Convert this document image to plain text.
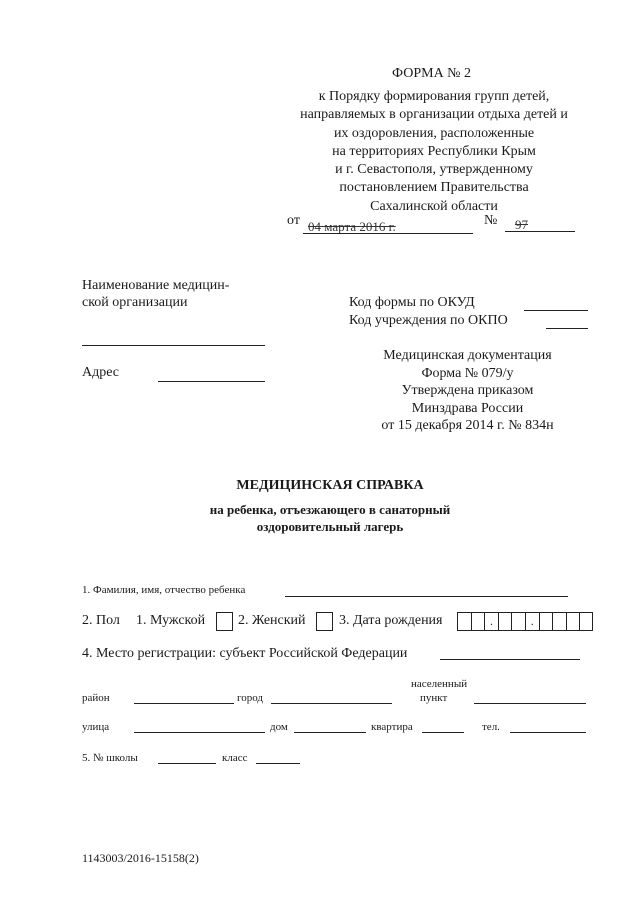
ФОРМА № 2
к Порядку формирования групп детей,
направляемых в организации отдыха детей и
их оздоровления, расположенные
на территориях Республики Крым
и г. Севастополя, утвержденному
постановлением Правительства
Сахалинской области
от 04 марта 2016 г.	№ 97
Наименование медицин-
ской организации
Адрес
Код формы по ОКУД
Код учреждения по ОКПО
Медицинская документация
Форма № 079/у
Утверждена приказом
Минздрава России
от 15 декабря 2014 г. № 834н
МЕДИЦИНСКАЯ СПРАВКА
на ребенка, отъезжающего в санаторный
оздоровительный лагерь
1. Фамилия, имя, отчество ребенка
2. Пол 1. Мужской 2. Женский 3. Дата рождения	.	.
4. Место регистрации: субъект Российской Федерации
населенный
пункт
район	город
улица	дом	квартира	тел.
5. № школы	класс
1143003/2016-15158(2)
